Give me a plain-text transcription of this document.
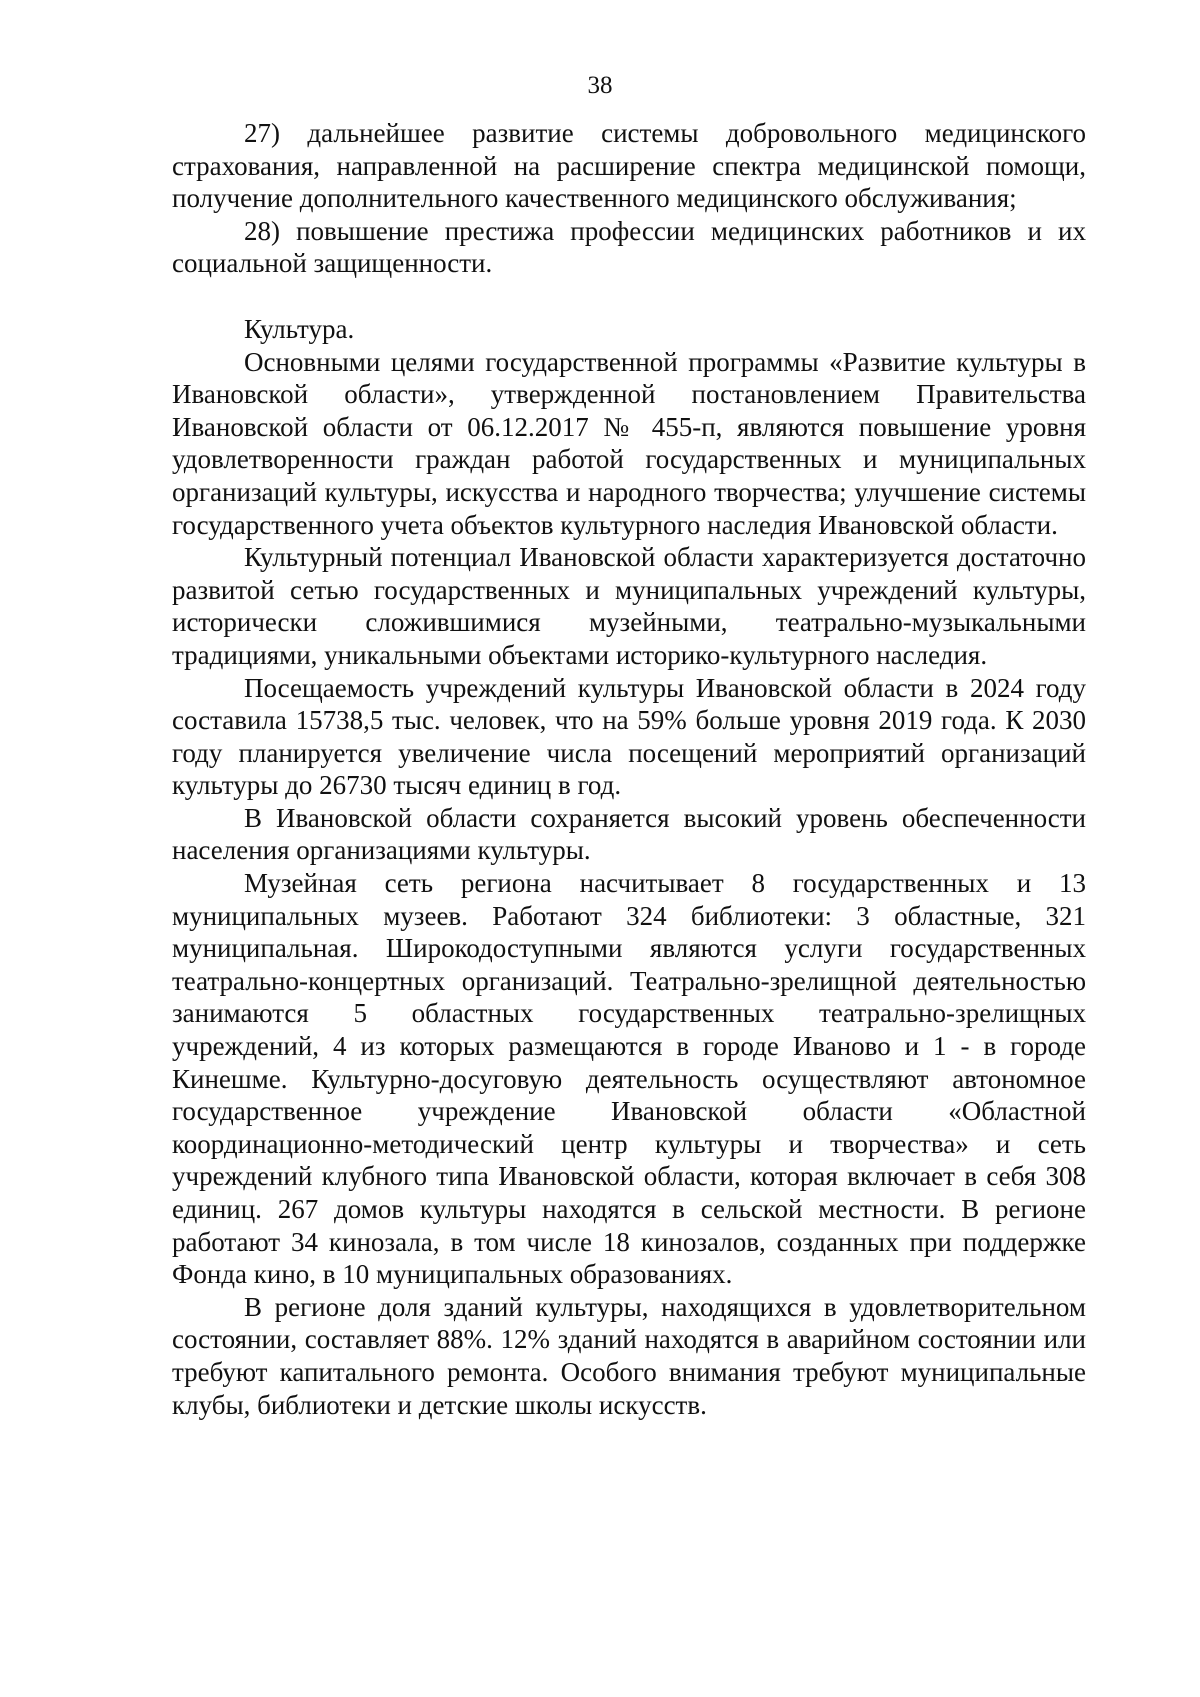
38

27) дальнейшее развитие системы добровольного медицинского страхования, направленной на расширение спектра медицинской помощи, получение дополнительного качественного медицинского обслуживания;

28) повышение престижа профессии медицинских работников и их социальной защищенности.

Культура.

Основными целями государственной программы «Развитие культуры в Ивановской области», утвержденной постановлением Правительства Ивановской области от 06.12.2017 № 455-п, являются повышение уровня удовлетворенности граждан работой государственных и муниципальных организаций культуры, искусства и народного творчества; улучшение системы государственного учета объектов культурного наследия Ивановской области.

Культурный потенциал Ивановской области характеризуется достаточно развитой сетью государственных и муниципальных учреждений культуры, исторически сложившимися музейными, театрально-музыкальными традициями, уникальными объектами историко-культурного наследия.

Посещаемость учреждений культуры Ивановской области в 2024 году составила 15738,5 тыс. человек, что на 59% больше уровня 2019 года. К 2030 году планируется увеличение числа посещений мероприятий организаций культуры до 26730 тысяч единиц в год.

В Ивановской области сохраняется высокий уровень обеспеченности населения организациями культуры.

Музейная сеть региона насчитывает 8 государственных и 13 муниципальных музеев. Работают 324 библиотеки: 3 областные, 321 муниципальная. Широкодоступными являются услуги государственных театрально-концертных организаций. Театрально-зрелищной деятельностью занимаются 5 областных государственных театрально-зрелищных учреждений, 4 из которых размещаются в городе Иваново и 1 - в городе Кинешме. Культурно-досуговую деятельность осуществляют автономное государственное учреждение Ивановской области «Областной координационно-методический центр культуры и творчества» и сеть учреждений клубного типа Ивановской области, которая включает в себя 308 единиц. 267 домов культуры находятся в сельской местности. В регионе работают 34 кинозала, в том числе 18 кинозалов, созданных при поддержке Фонда кино, в 10 муниципальных образованиях.

В регионе доля зданий культуры, находящихся в удовлетворительном состоянии, составляет 88%. 12% зданий находятся в аварийном состоянии или требуют капитального ремонта. Особого внимания требуют муниципальные клубы, библиотеки и детские школы искусств.
